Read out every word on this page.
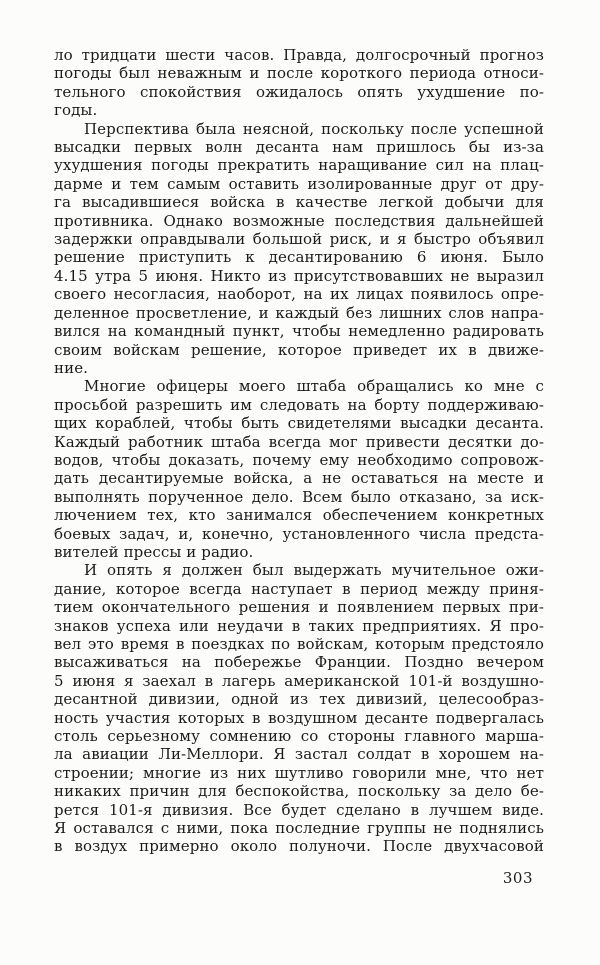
ло тридцати шести часов. Правда, долгосрочный прогноз
погоды был неважным и после короткого периода относи-
тельного спокойствия ожидалось опять ухудшение по-
годы.
Перспектива была неясной, поскольку после успешной
высадки первых волн десанта нам пришлось бы из-за
ухудшения погоды прекратить наращивание сил на плац-
дарме и тем самым оставить изолированные друг от дру-
га высадившиеся войска в качестве легкой добычи для
противника. Однако возможные последствия дальнейшей
задержки оправдывали большой риск, и я быстро объявил
решение приступить к десантированию 6 июня. Было
4.15 утра 5 июня. Никто из присутствовавших не выразил
своего несогласия, наоборот, на их лицах появилось опре-
деленное просветление, и каждый без лишних слов напра-
вился на командный пункт, чтобы немедленно радировать
своим войскам решение, которое приведет их в движе-
ние.
Многие офицеры моего штаба обращались ко мне с
просьбой разрешить им следовать на борту поддерживаю-
щих кораблей, чтобы быть свидетелями высадки десанта.
Каждый работник штаба всегда мог привести десятки до-
водов, чтобы доказать, почему ему необходимо сопровож-
дать десантируемые войска, а не оставаться на месте и
выполнять порученное дело. Всем было отказано, за иск-
лючением тех, кто занимался обеспечением конкретных
боевых задач, и, конечно, установленного числа предста-
вителей прессы и радио.
И опять я должен был выдержать мучительное ожи-
дание, которое всегда наступает в период между приня-
тием окончательного решения и появлением первых при-
знаков успеха или неудачи в таких предприятиях. Я про-
вел это время в поездках по войскам, которым предстояло
высаживаться на побережье Франции. Поздно вечером
5 июня я заехал в лагерь американской 101-й воздушно-
десантной дивизии, одной из тех дивизий, целесообраз-
ность участия которых в воздушном десанте подвергалась
столь серьезному сомнению со стороны главного марша-
ла авиации Ли-Меллори. Я застал солдат в хорошем на-
строении; многие из них шутливо говорили мне, что нет
никаких причин для беспокойства, поскольку за дело бе-
рется 101-я дивизия. Все будет сделано в лучшем виде.
Я оставался с ними, пока последние группы не поднялись
в воздух примерно около полуночи. После двухчасовой
303
